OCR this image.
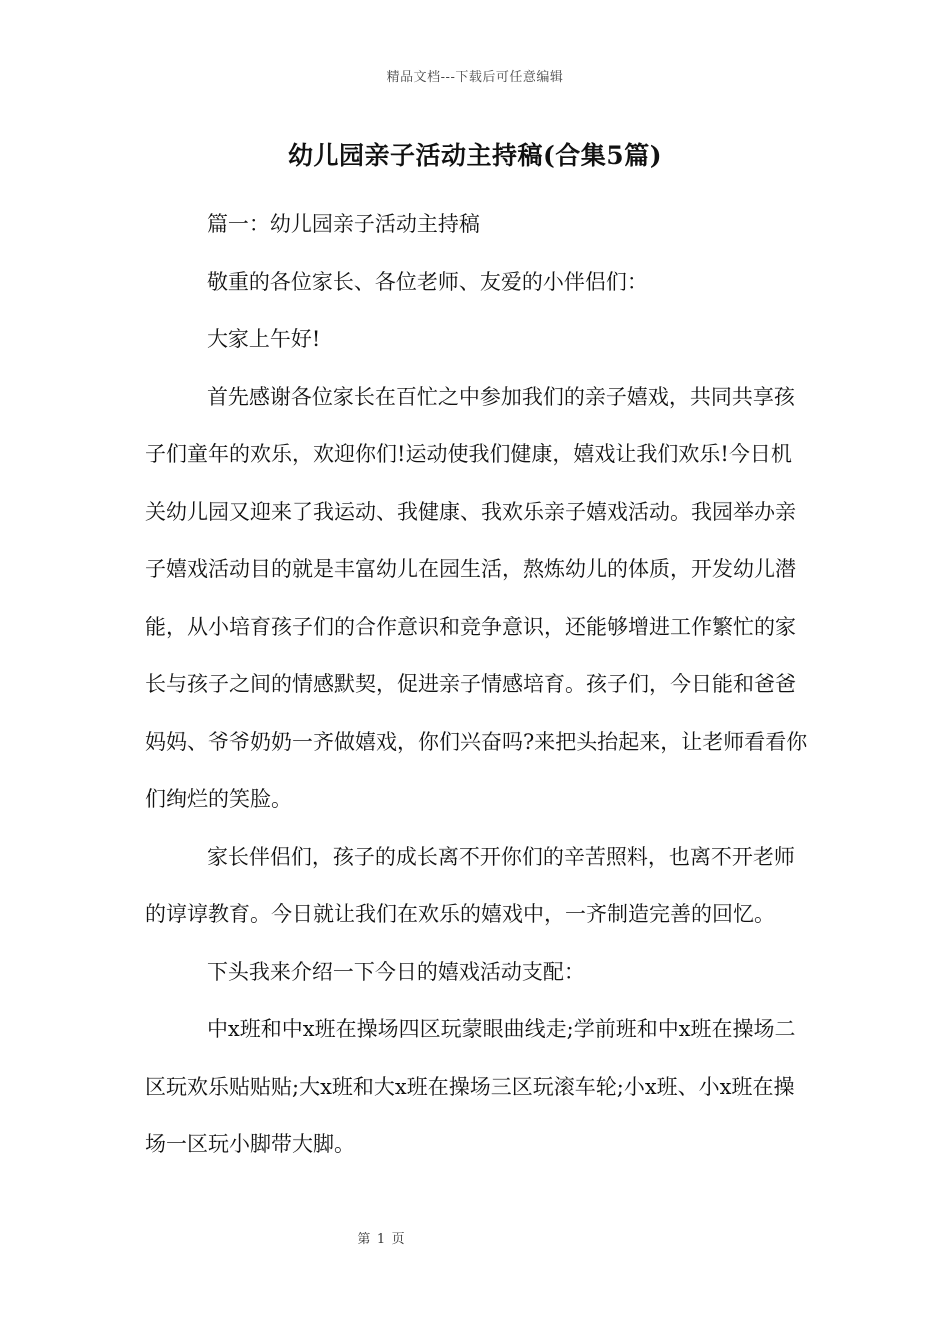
精品文档---下载后可任意编辑
幼儿园亲子活动主持稿(合集5篇)

篇一：幼儿园亲子活动主持稿

敬重的各位家长、各位老师、友爱的小伴侣们：

大家上午好!

首先感谢各位家长在百忙之中参加我们的亲子嬉戏，共同共享孩子们童年的欢乐，欢迎你们!运动使我们健康，嬉戏让我们欢乐!今日机关幼儿园又迎来了我运动、我健康、我欢乐亲子嬉戏活动。我园举办亲子嬉戏活动目的就是丰富幼儿在园生活，熬炼幼儿的体质，开发幼儿潜能，从小培育孩子们的合作意识和竞争意识，还能够增进工作繁忙的家长与孩子之间的情感默契，促进亲子情感培育。孩子们，今日能和爸爸妈妈、爷爷奶奶一齐做嬉戏，你们兴奋吗?来把头抬起来，让老师看看你们绚烂的笑脸。

家长伴侣们，孩子的成长离不开你们的辛苦照料，也离不开老师的谆谆教育。今日就让我们在欢乐的嬉戏中，一齐制造完善的回忆。

下头我来介绍一下今日的嬉戏活动支配：

中x班和中x班在操场四区玩蒙眼曲线走;学前班和中x班在操场二区玩欢乐贴贴贴;大x班和大x班在操场三区玩滚车轮;小x班、小x班在操场一区玩小脚带大脚。

第 1 页
